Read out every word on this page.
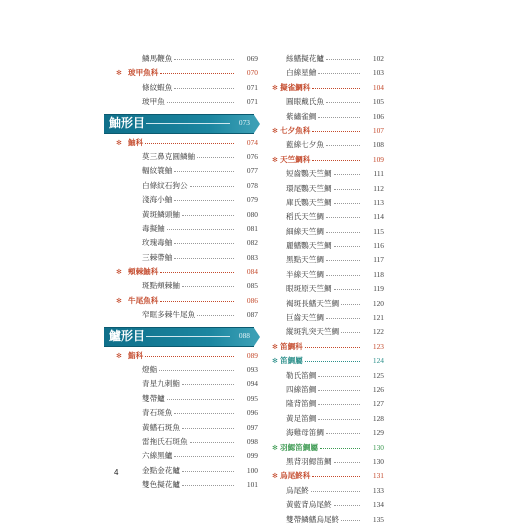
鱗馬鞭魚	069
✻ 玻甲魚科	070
條紋蝦魚	071
玻甲魚	071
鮋形目	073
✻ 鮋科	074
莫三鼻克圓鱗鮋	076
輻紋簑鮋	077
白條紋石狗公	078
淺海小鮋	079
黃斑鱗頭鮋	080
毒擬鮋	081
玫瑰毒鮋	082
三棘帶鮋	083
✻ 頰棘鮋科	084
斑點頰棘鮋	085
✻ 牛尾魚科	086
窄眶多棘牛尾魚	087
鱸形目	088
✻ 鮨科	089
燈鮨	093
青星九刺鮨	094
雙帶鱸	095
青石斑魚	096
黃鰭石斑魚	097
雷拖氏石斑魚	098
六線黑鱸	099
金點金花鱸	100
雙色擬花鱸	101
絲鰭擬花鱸	102
白線星鱠	103
✻ 擬雀鯛科	104
圓眼戴氏魚	105
紫繡雀鯛	106
✻ 七夕魚科	107
藍線七夕魚	108
✻ 天竺鯛科	109
短齒鸚天竺鯛	111
環尾鸚天竺鯛	112
庫氏鸚天竺鯛	113
稻氏天竺鯛	114
細線天竺鯛	115
麗鰭鸚天竺鯛	116
黑點天竺鯛	117
半線天竺鯛	118
眼斑原天竺鯛	119
褐斑長鰭天竺鯛	120
巨齒天竺鯛	121
縱斑乳突天竺鯛	122
✻ 笛鯛科	123
✻ 笛鯛屬	124
勒氏笛鯛	125
四線笛鯛	126
隆背笛鯛	127
黃足笛鯛	128
海雞母笛鯛	129
✻ 羽鰓笛鯛屬	130
黑背羽鰓笛鯛	130
✻ 烏尾鮗科	131
烏尾鮗	133
黃藍背烏尾鮗	134
雙帶鱗鰭烏尾鮗	135
4
